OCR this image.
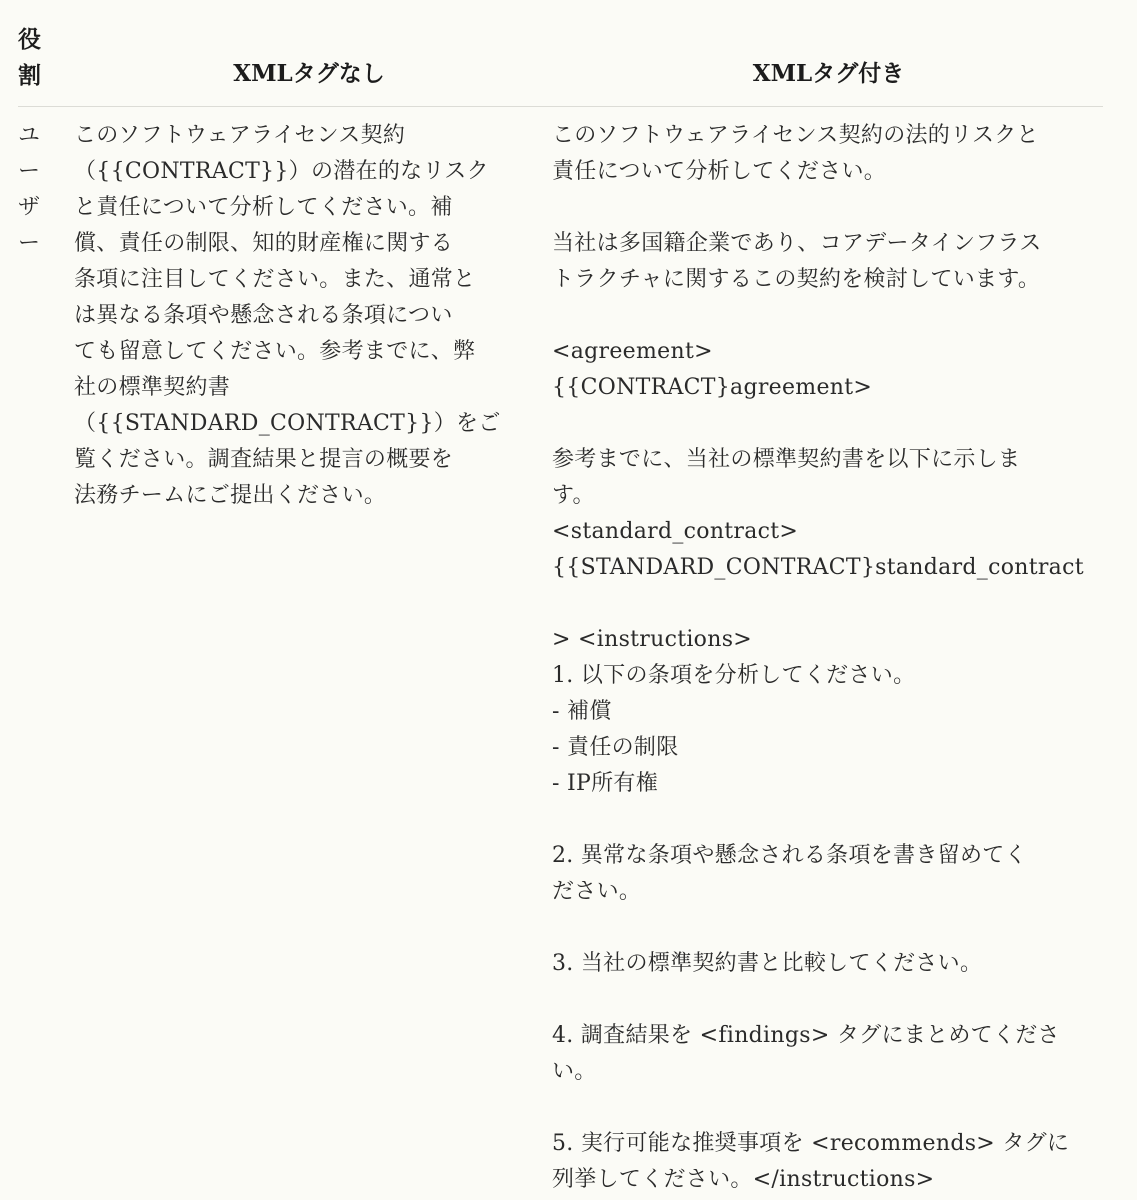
役
割	XMLタグなし	XMLタグ付き
ユ
ー
ザ
ー
このソフトウェアライセンス契約
（{{CONTRACT}}）の潜在的なリスク
と責任について分析してください。補
償、責任の制限、知的財産権に関する
条項に注目してください。また、通常と
は異なる条項や懸念される条項につい
ても留意してください。参考までに、弊
社の標準契約書
（{{STANDARD_CONTRACT}}）をご
覧ください。調査結果と提言の概要を
法務チームにご提出ください。
このソフトウェアライセンス契約の法的リスクと
責任について分析してください。

当社は多国籍企業であり、コアデータインフラス
トラクチャに関するこの契約を検討しています。

<agreement>
{{CONTRACT}agreement>

参考までに、当社の標準契約書を以下に示しま
す。
<standard_contract>
{{STANDARD_CONTRACT}standard_contract

> <instructions>
1. 以下の条項を分析してください。
- 補償
- 責任の制限
- IP所有権

2. 異常な条項や懸念される条項を書き留めてく
ださい。

3. 当社の標準契約書と比較してください。

4. 調査結果を <findings> タグにまとめてくださ
い。

5. 実行可能な推奨事項を <recommends> タグに
列挙してください。</instructions>
